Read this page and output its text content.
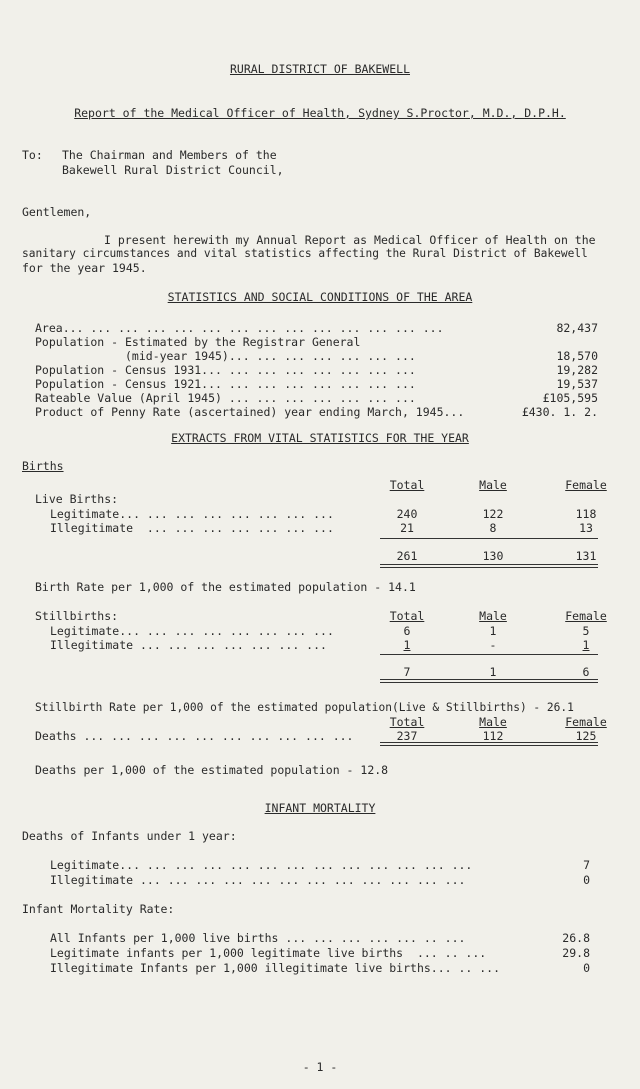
RURAL DISTRICT OF BAKEWELL
Report of the Medical Officer of Health, Sydney S.Proctor, M.D., D.P.H.
To: The Chairman and Members of the
Bakewell Rural District Council,
Gentlemen,
I present herewith my Annual Report as Medical Officer of Health on the
sanitary circumstances and vital statistics affecting the Rural District of Bakewell
for the year 1945.
STATISTICS AND SOCIAL CONDITIONS OF THE AREA
Area... ... ... ... ... ... ... ... ... ... ... ... ... ...	82,437
Population - Estimated by the Registrar General
(mid-year 1945)... ... ... ... ... ... ...	18,570
Population - Census 1931... ... ... ... ... ... ... ...	19,282
Population - Census 1921... ... ... ... ... ... ... ...	19,537
Rateable Value (April 1945) ... ... ... ... ... ... ...	£105,595
Product of Penny Rate (ascertained) year ending March, 1945...	£430. 1. 2.
EXTRACTS FROM VITAL STATISTICS FOR THE YEAR
Births
Total	Male	Female
Live Births:
Legitimate... ... ... ... ... ... ... ...	240	122	118
Illegitimate  ... ... ... ... ... ... ...	21	8	13
261	130	131
Birth Rate per 1,000 of the estimated population - 14.1
Stillbirths:	Total	Male	Female
Legitimate... ... ... ... ... ... ... ...	6	1	5
Illegitimate ... ... ... ... ... ... ...	1	-	1
7	1	6
Stillbirth Rate per 1,000 of the estimated population(Live & Stillbirths) - 26.1
Total	Male	Female
Deaths ... ... ... ... ... ... ... ... ... ...	237	112	125
Deaths per 1,000 of the estimated population - 12.8
INFANT MORTALITY
Deaths of Infants under 1 year:
Legitimate... ... ... ... ... ... ... ... ... ... ... ... ...	7
Illegitimate ... ... ... ... ... ... ... ... ... ... ... ...	0
Infant Mortality Rate:
All Infants per 1,000 live births ... ... ... ... ... .. ...	26.8
Legitimate infants per 1,000 legitimate live births  ... .. ...	29.8
Illegitimate Infants per 1,000 illegitimate live births... .. ...	0
- 1 -
